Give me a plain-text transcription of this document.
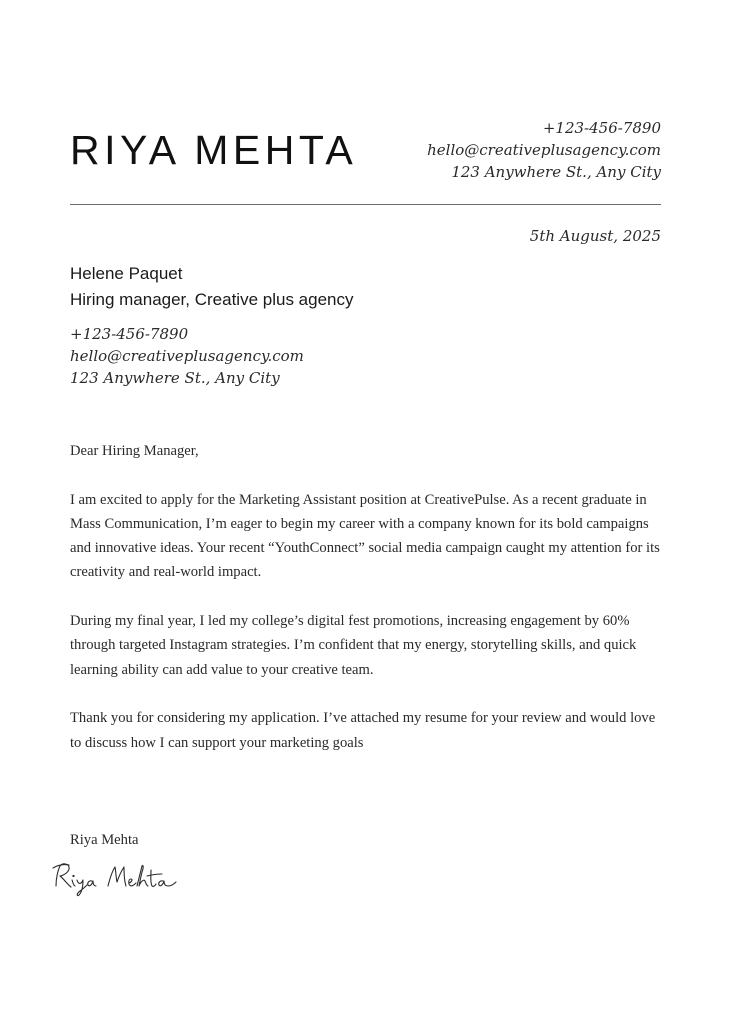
RIYA MEHTA	+123-456-7890
hello@creativeplusagency.com
123 Anywhere St., Any City
5th August, 2025
Helene Paquet
Hiring manager, Creative plus agency
+123-456-7890
hello@creativeplusagency.com
123 Anywhere St., Any City

Dear Hiring Manager,

I am excited to apply for the Marketing Assistant position at CreativePulse. As a recent graduate in Mass Communication, I’m eager to begin my career with a company known for its bold campaigns and innovative ideas. Your recent “YouthConnect” social media campaign caught my attention for its creativity and real-world impact.

During my final year, I led my college’s digital fest promotions, increasing engagement by 60% through targeted Instagram strategies. I’m confident that my energy, storytelling skills, and quick learning ability can add value to your creative team.

Thank you for considering my application. I’ve attached my resume for your review and would love to discuss how I can support your marketing goals

Riya Mehta
